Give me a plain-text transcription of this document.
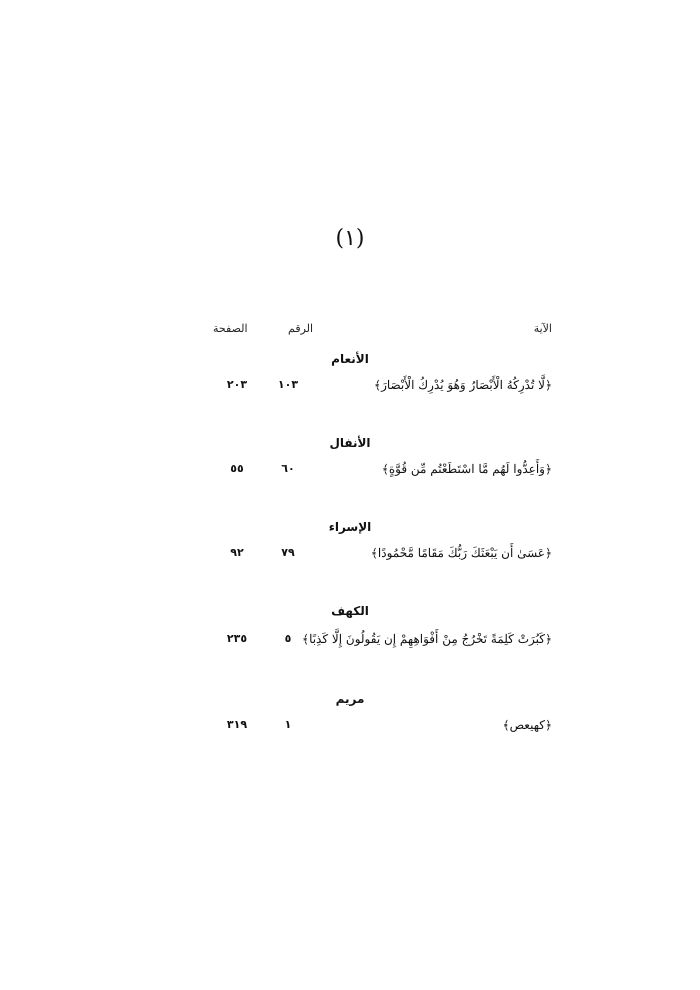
(١)
الآية
الرقم
الصفحة
الأنعام
﴿لَّا تُدْرِكُهُ الْأَبْصَارُ وَهُوَ يُدْرِكُ الْأَبْصَارَ﴾
١٠٣
٢٠٣
الأنفال
﴿وَأَعِدُّوا لَهُم مَّا اسْتَطَعْتُم مِّن قُوَّةٍ﴾
٦٠
٥٥
الإسراء
﴿عَسَىٰ أَن يَبْعَثَكَ رَبُّكَ مَقَامًا مَّحْمُودًا﴾
٧٩
٩٢
الكهف
﴿كَبُرَتْ كَلِمَةً تَخْرُجُ مِنْ أَفْوَاهِهِمْ إِن يَقُولُونَ إِلَّا كَذِبًا﴾
٥
٢٣٥
مريم
﴿كهيعص﴾
١
٣١٩
